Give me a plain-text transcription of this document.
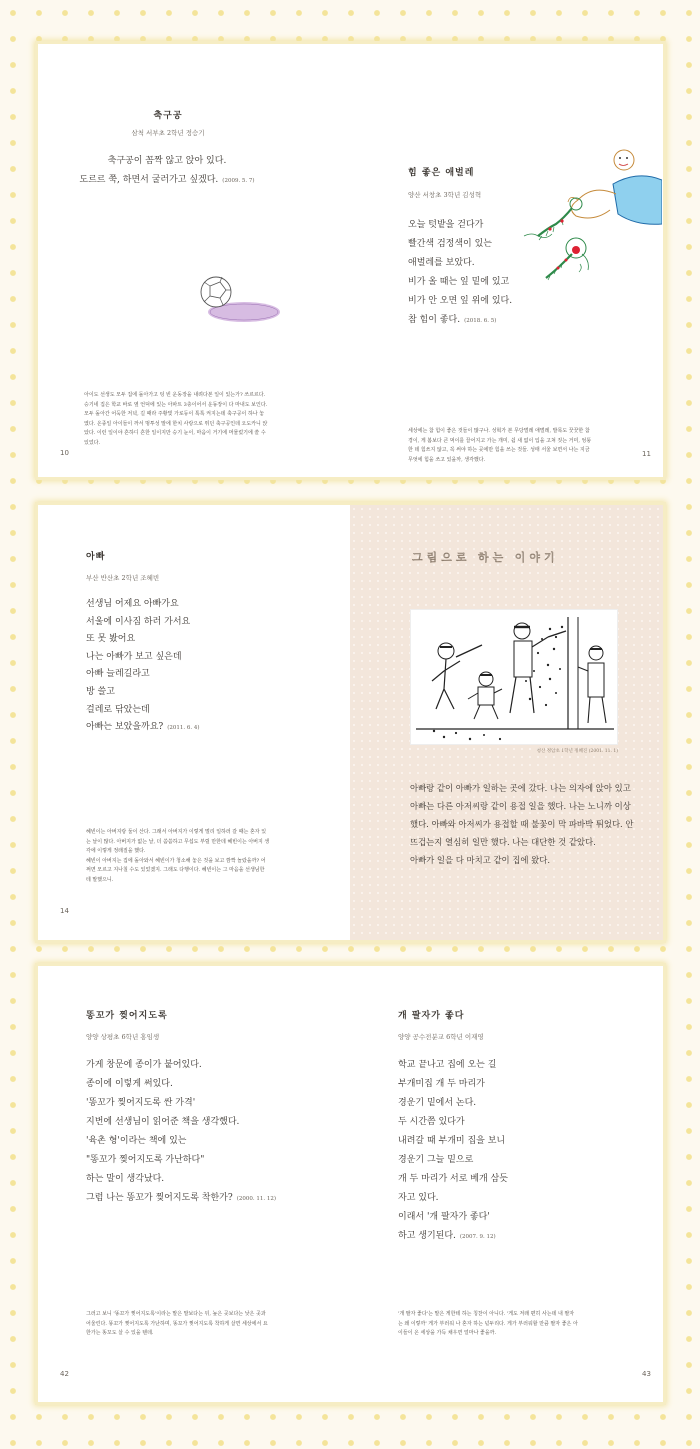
축구공
삼척 서부초 2학년 정승기
축구공이 꼼짝 않고 앉아 있다.
도르르 쭉, 하면서 굴러가고 싶겠다. (2009. 5. 7)
아이도 선생도 모두 집에 돌아가고 텅 빈 운동장을 내려다본 일이 있는가? 쓰르르다.
승기네 집은 학교 바로 옆 언덕에 있는 아파트 3층이어서 운동장이 다 마내도 보인다.
모두 돌아간 어둑한 저녁, 길 때라 주황빛 가로등이 톡톡 켜지는데 축구공이 하나 놓
였다. 온종일 아이들이 까서 멍투성 말에 한치 사랑으로 뛰던 축구공인데 오도카니 앉
았다. 이런 일이야 흔하디 흔한 일이지만 승기 눈이, 마음이 거기에 머물렀기에 쓸 수
있었다.
10
힘 좋은 애벌레
양산 서창초 3학년 김성혁
오늘 텃밭을 걷다가
빨간색 검정색이 있는
애벌레를 보았다.
비가 올 때는 잎 밑에 있고
비가 안 오면 잎 위에 있다.
참 힘이 좋다. (2018. 6. 5)
세상에는 참 힘이 좋은 것들이 많구나. 성혁가 본 무당벌레 애벌레, 발목도 꿋꿋한 참
경이, 게 봄보다 큰 먹이를 끌어지고 가는 개미, 쉼 새 없이 입을 고쳐 짓는 거미, 엉뚱
한 데 힘쓰지 않고, 꼭 써야 하는 곳에만 힘을 쓰는 것들. 성태 서울 보면서 나는 지금
무엇에 힘을 쓰고 있을까, 생각했다.
11
아빠
부산 반산초 2학년 조혜빈
선생님 어제요 아빠가요
서울에 이사짐 하러 가서요
또 못 봤어요
나는 아빠가 보고 싶은데
아빠 늘레길라고
방 쓸고
걸레로 닦았는데
아빠는 보았을까요? (2011. 6. 4)
혜빈이는 아버지랑 둘이 산다. 그래서 아버지가 이렇게 멀리 일하러 갈 때는 혼자 있
는 날이 많다. 아버지가 없는 날, 더 씀씀하고 무섭도 부릴 만한데 혜빈이는 아버지 생
각에 이렇게 정래질을 했다.
혜빈이 아버지는 집에 돌아와서 혜빈이가 청소해 놓은 것을 보고 깜짝 놀랐을까? 어
쩌면 모르고 지나칠 수도 있었겠지. 그래도 다행이다. 혜빈이는 그 마음을 선생님한
테 말했으니.
14
그림으로 하는 이야기
청산 정암초 1학년 정혜진 (2001. 11. 1)
아빠랑 같이 아빠가 일하는 곳에 갔다. 나는 의자에 앉아 있고
아빠는 다른 아저씨랑 같이 용접 일을 했다. 나는 노니까 이상
했다. 아빠와 아저씨가 용접할 때 불꽃이 막 파바박 튀었다. 안
뜨겁는지 열심히 일만 했다. 나는 대단한 것 같았다.
아빠가 일을 다 마치고 같이 집에 왔다.
똥꼬가 찢어지도록
양양 상평초 6학년 홍임생
가게 창문에 종이가 붙어있다.
종이에 이렇게 써있다.
'똥꼬가 찢어지도록 싼 가격'
지번에 선생님이 읽어준 책을 생각했다.
'육촌 형'이라는 책에 있는
"똥꼬가 찢어지도록 가난하다"
하는 말이 생각났다.
그럼 나는 똥꼬가 찢어지도록 착한가? (2000. 11. 12)
그러고 보니 '똥꼬가 찢어지도록'이라는 말은 말보다는 뒤, 높은 곳보다는 낮은 곳과
어울린다. 똥꼬가 찢어지도록 가난하며, 똥꼬가 찢어지도록 착하게 살면 세상에서 요
한가는 똥꼬도 살 수 있을 텐데.
42
개 팔자가 좋다
양양 공수전분교 6학년 이재영
학교 끝나고 집에 오는 길
부개미집 개 두 마리가
경운기 밑에서 논다.
두 시간쯤 있다가
내려갈 때 부개미 집을 보니
경운기 그늘 밑으로
개 두 마리가 서로 베개 삼듯
자고 있다.
이래서 '개 팔자가 좋다'
하고 생기된다. (2007. 9. 12)
'개 팔자 좋다'는 말은 게한테 하는 칭찬이 아니다. '게도 저래 편히 사는데 내 팔자
는 왜 이렇까' 게가 부러워 나 혼자 하는 넋두리다. 게가 부러워할 만큼 팔자 좋은 아
이들이 온 세상을 가득 채우면 얼마나 좋을까.
43
